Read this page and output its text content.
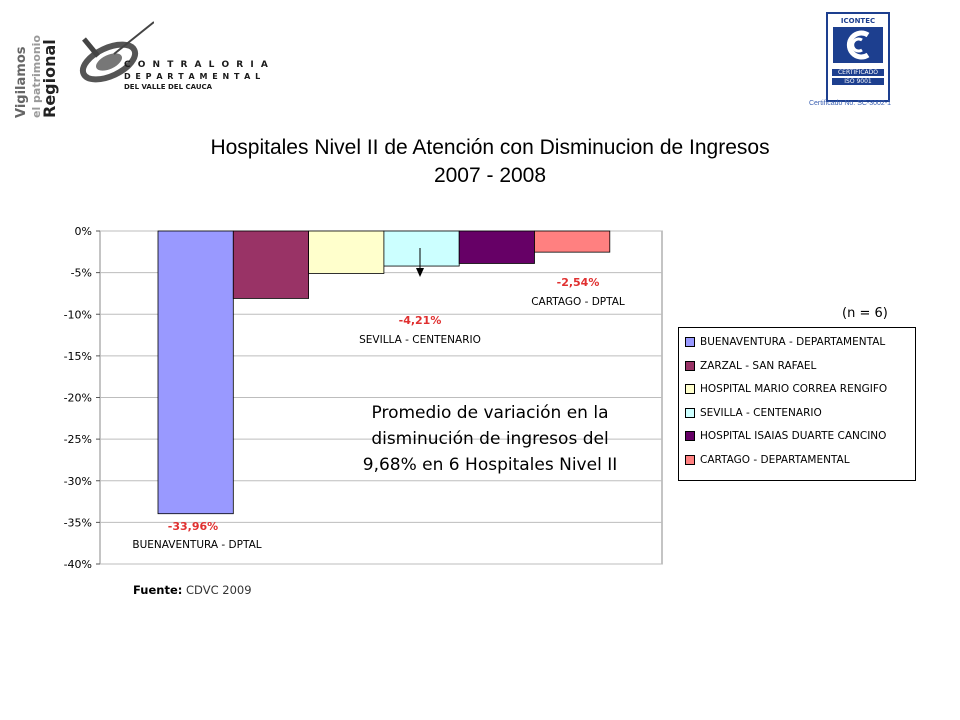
Vigilamos el patrimonio
Regional	C O N T R A L O R I A
D E P A R T A M E N T A L
DEL VALLE DEL CAUCA
ICONTEC
CERTIFICADO
ISO 9001
Certificado No. SC-3002-1
Hospitales Nivel II de Atención con Disminucion de Ingresos
2007 - 2008
0%
-5%
-10%
-15%
-20%
-25%
-30%
-35%
-40%
-33,96%
BUENAVENTURA - DPTAL
-4,21%
SEVILLA - CENTENARIO
-2,54%
CARTAGO - DPTAL
(n = 6)
BUENAVENTURA - DEPARTAMENTAL
ZARZAL - SAN RAFAEL
HOSPITAL MARIO CORREA RENGIFO
SEVILLA - CENTENARIO
HOSPITAL ISAIAS DUARTE CANCINO
CARTAGO - DEPARTAMENTAL
Promedio de variación en la
disminución de ingresos del
9,68% en 6 Hospitales Nivel II
Fuente: CDVC 2009
